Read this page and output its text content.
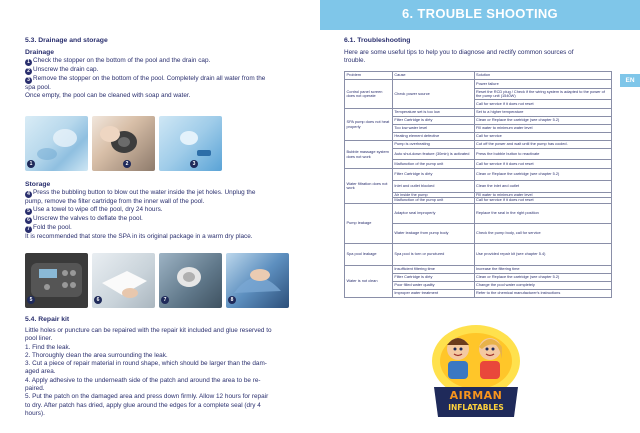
6. TROUBLE SHOOTING
EN
5.3. Drainage and storage
Drainage
1 Check the stopper on the bottom of the pool and the drain cap.
2 Unscrew the drain cap.
3 Remove the stopper on the bottom of the pool. Completely drain all water from the
spa pool.
Once empty, the pool can be cleaned with soap and water.
1	2	3
Storage
4 Press the bubbling button to blow out the water inside the jet holes. Unplug the
pump, remove the filter cartridge from the inner wall of the pool.
5 Use a towel to wipe off the pool, dry 24 hours.
6 Unscrew the valves to deflate the pool.
7 Fold the pool.
It is recommended that store the SPA in its original package in a warm dry place.
5	6	7	8
5.4. Repair kit
Little holes or puncture can be repaired with the repair kit included and glue reserved to
pool liner.
1. Find the leak.
2. Thoroughly clean the area surrounding the leak.
3. Cut a piece of repair material in round shape, which should be larger than the dam-
aged area.
4. Apply adhesive to the underneath side of the patch and around the area to be re-
paired.
5. Put the patch on the damaged area and press down firmly. Allow 12 hours for repair
to dry. After patch has dried, apply glue around the edges for a complete seal (dry 4
hours).
6.1. Troubleshooting
Here are some useful tips to help you to diagnose and rectify common sources of
trouble.
Problem	Cause	Solution
Control panel screen does not operate	Check power source	Power failure
		Reset the RCD plug / Check if the wiring system is adapted to the power of the pump unit (1540W)
		Call for service if it does not reset
SPA pump does not heat properly	Temperature set is too low	Set to a higher temperature
	Filter Cartridge is dirty	Clean or Replace the cartridge (see chapter 5.2)
	Too low water level	Fill water to minimum water level
	Heating element defective	Call for service
Bubble massage system does not work	Pump is overheating	Cut off the power and wait until the pump has cooled.
	Auto shut-down feature (30min) is activated	Press the bubble button to reactivate
	Malfunction of the pump unit	Call for service if it does not reset
Water filtration does not work	Filter Cartridge is dirty	Clean or Replace the cartridge (see chapter 5.2)
	Inlet and outlet blocked	Clean the inlet and outlet
	Air inside the pump	Fill water to minimum water level
	Malfunction of the pump unit	Call for service if it does not reset
Pump leakage	Adaptor seal improperly	Replace the seal in the right position
	Water leakage from pump body	Check the pump body, call for service
Spa pool leakage	Spa pool is torn or punctured	Use provided repair kit (see chapter 5.4)
Water is not clean	Insufficient filtering time	Increase the filtering time
	Filter Cartridge is dirty	Clean or Replace the cartridge (see chapter 5.2)
	Poor filled water quality	Change the pool water completely
	Improper water treatment	Refer to the chemical manufacturer's instructions
AIRMAN
INFLATABLES
